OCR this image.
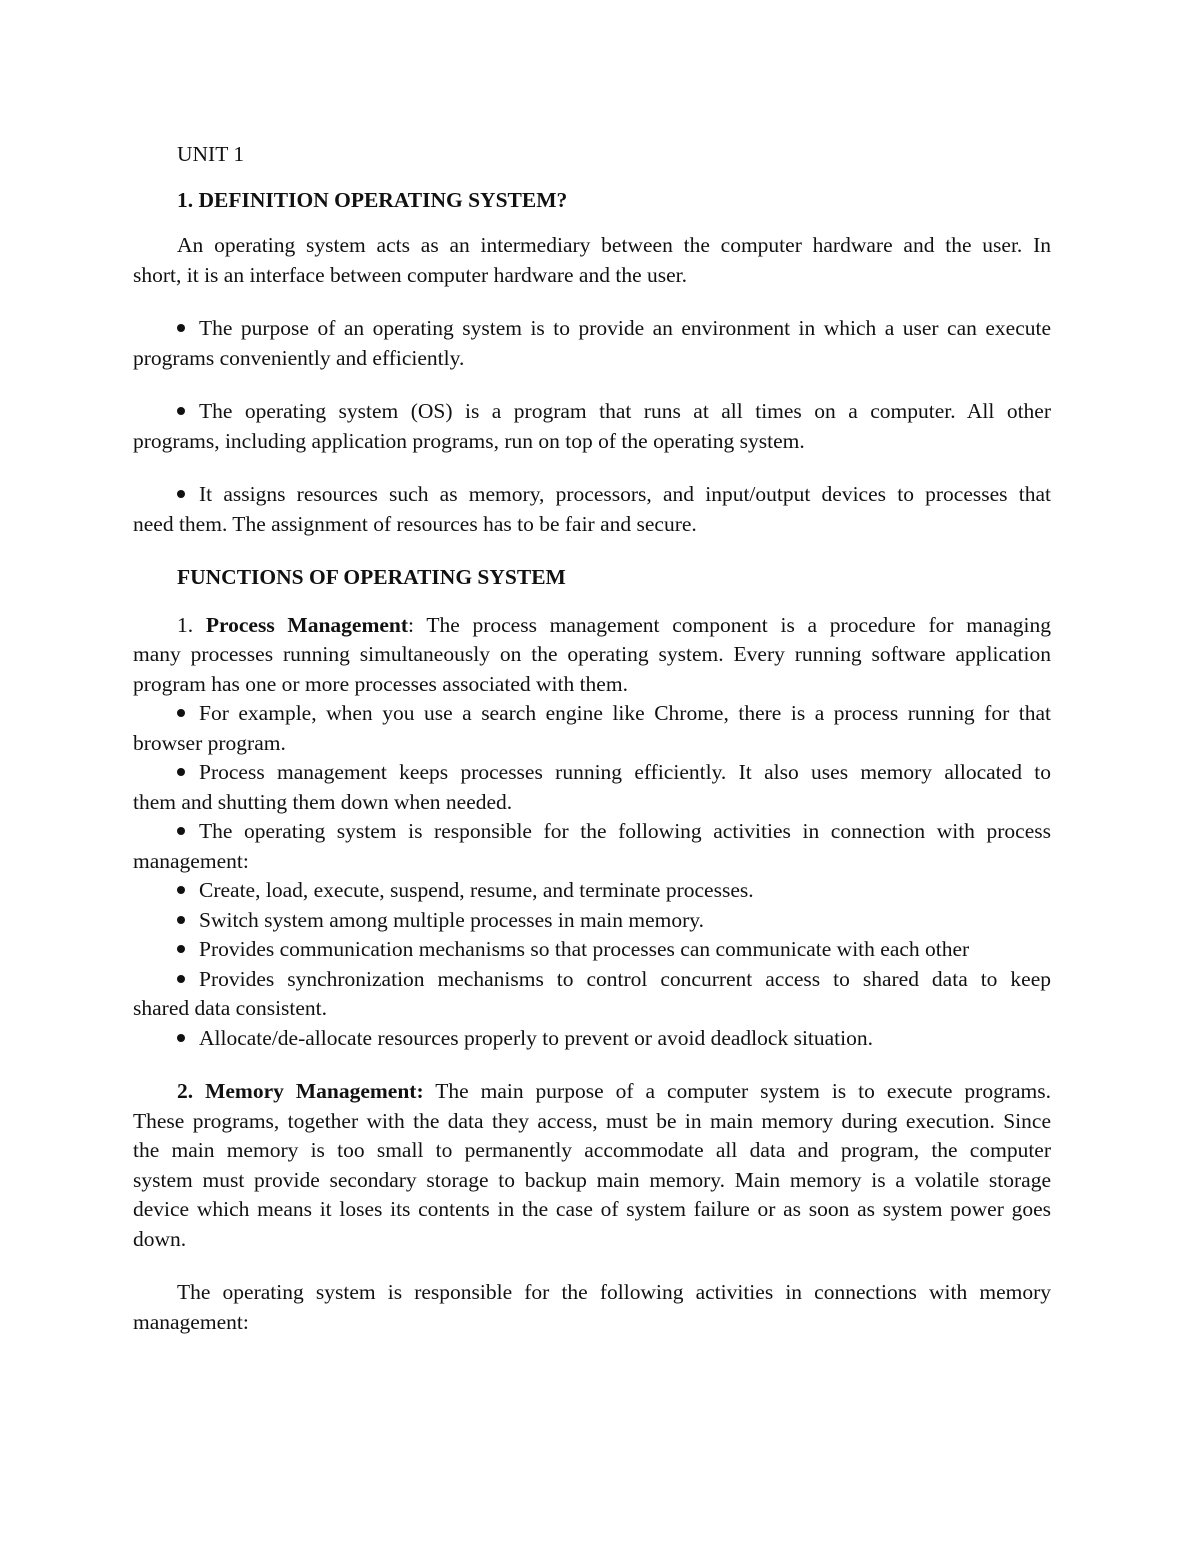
UNIT 1
1. DEFINITION OPERATING SYSTEM?
An operating system acts as an intermediary between the computer hardware and the user. In
short, it is an interface between computer hardware and the user.
The purpose of an operating system is to provide an environment in which a user can execute
programs conveniently and efficiently.
The operating system (OS) is a program that runs at all times on a computer. All other
programs, including application programs, run on top of the operating system.
It assigns resources such as memory, processors, and input/output devices to processes that
need them. The assignment of resources has to be fair and secure.
FUNCTIONS OF OPERATING SYSTEM
1. Process Management: The process management component is a procedure for managing
many processes running simultaneously on the operating system. Every running software application
program has one or more processes associated with them.
For example, when you use a search engine like Chrome, there is a process running for that
browser program.
Process management keeps processes running efficiently. It also uses memory allocated to
them and shutting them down when needed.
The operating system is responsible for the following activities in connection with process
management:
Create, load, execute, suspend, resume, and terminate processes.
Switch system among multiple processes in main memory.
Provides communication mechanisms so that processes can communicate with each other
Provides synchronization mechanisms to control concurrent access to shared data to keep
shared data consistent.
Allocate/de-allocate resources properly to prevent or avoid deadlock situation.
2. Memory Management: The main purpose of a computer system is to execute programs.
These programs, together with the data they access, must be in main memory during execution. Since
the main memory is too small to permanently accommodate all data and program, the computer
system must provide secondary storage to backup main memory. Main memory is a volatile storage
device which means it loses its contents in the case of system failure or as soon as system power goes
down.
The operating system is responsible for the following activities in connections with memory
management:
